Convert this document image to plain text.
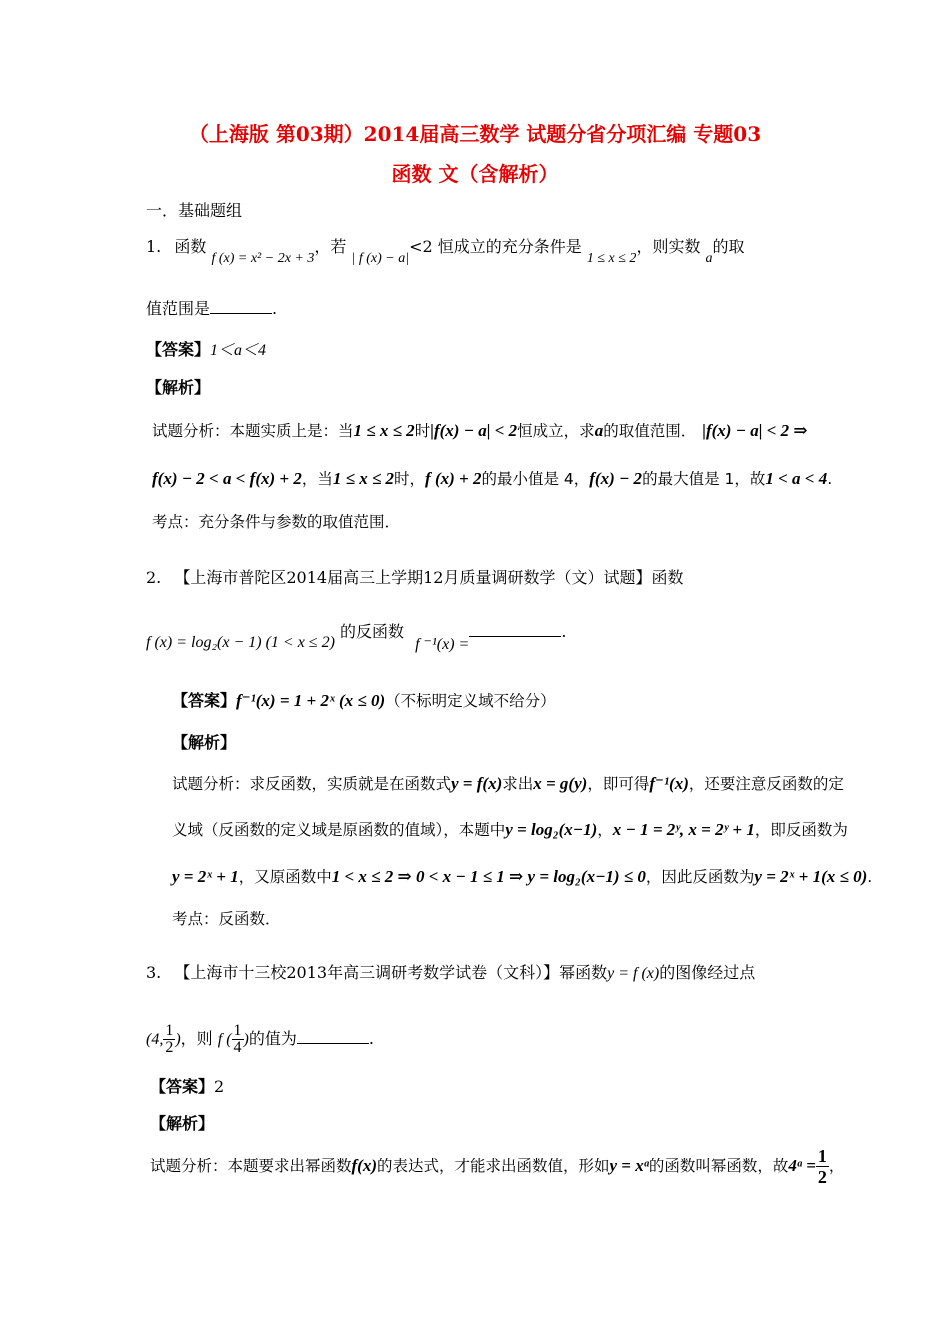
（上海版 第03期）2014届高三数学 试题分省分项汇编 专题03
函数 文（含解析）
一．基础题组
1. 函数 f (x) = x² − 2x + 3，若 | f (x) − a|<2 恒成立的充分条件是 1 ≤ x ≤ 2，则实数 a的取
值范围是	.
【答案】1＜a＜4
【解析】
试题分析：本题实质上是：当1 ≤ x ≤ 2时|f(x) − a| < 2恒成立，求a的取值范围． |f(x) − a| < 2 ⇒
f(x) − 2 < a < f(x) + 2，当1 ≤ x ≤ 2时，f (x) + 2的最小值是 4，f(x) − 2的最大值是 1，故1 < a < 4.
考点：充分条件与参数的取值范围．
2. 【上海市普陀区2014届高三上学期12月质量调研数学（文）试题】函数
f (x) = log₂(x − 1) (1 < x ≤ 2) 的反函数 f ⁻¹(x) =.
【答案】f⁻¹(x) = 1 + 2ˣ (x ≤ 0)（不标明定义域不给分）
【解析】
试题分析：求反函数，实质就是在函数式y = f(x)求出x = g(y)，即可得f⁻¹(x)，还要注意反函数的定
义域（反函数的定义域是原函数的值域），本题中y = log₂(x−1)，x − 1 = 2ʸ, x = 2ʸ + 1，即反函数为
y = 2ˣ + 1，又原函数中1 < x ≤ 2 ⇒ 0 < x − 1 ≤ 1 ⇒ y = log₂(x−1) ≤ 0，因此反函数为y = 2ˣ + 1(x ≤ 0).
考点：反函数．
3. 【上海市十三校2013年高三调研考数学试卷（文科）】幂函数y = f (x)的图像经过点
(4, $\frac{1}{2}$ )，则 f ( $\frac{1}{4}$ )的值为	.
【答案】2
【解析】
试题分析：本题要求出幂函数f(x)的表达式，才能求出函数值，形如y = xᵃ的函数叫幂函数，故4ᵃ = $\frac{1}{2}$ ，
